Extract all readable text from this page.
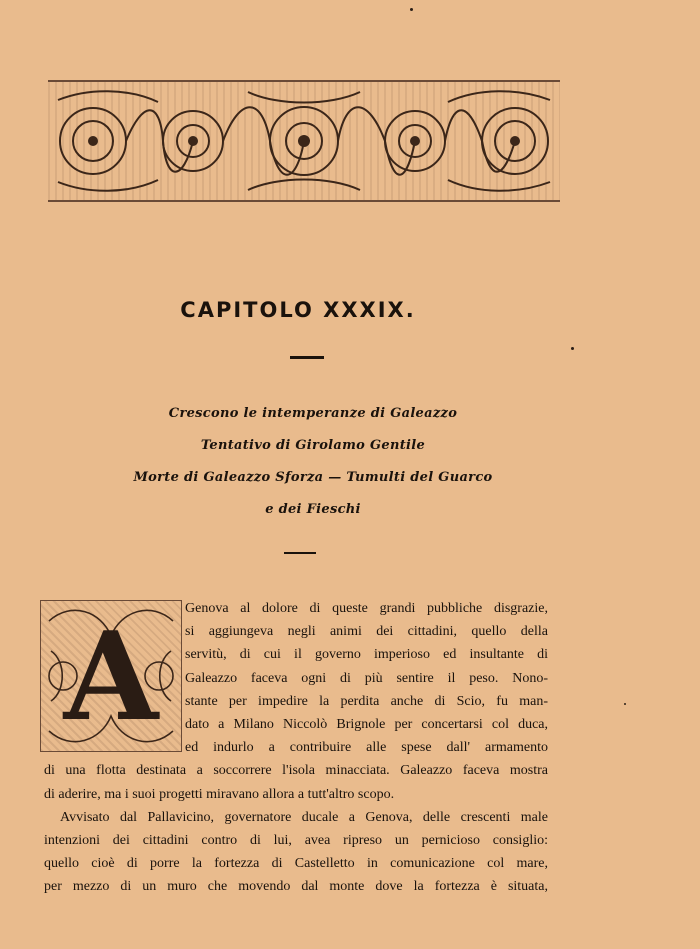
CAPITOLO XXXIX.
Crescono le intemperanze di Galeazzo
Tentativo di Girolamo Gentile
Morte di Galeazzo Sforza — Tumulti del Guarco
e dei Fieschi
A	Genova al dolore di queste grandi pubbliche disgrazie,
si aggiungeva negli animi dei cittadini, quello della
servitù, di cui il governo imperioso ed insultante di
Galeazzo faceva ogni di più sentire il peso. Nono-
stante per impedire la perdita anche di Scio, fu man-
dato a Milano Niccolò Brignole per concertarsi col duca,
ed indurlo a contribuire alle spese dall' armamento
di una flotta destinata a soccorrere l'isola minacciata. Galeazzo faceva mostra
di aderire, ma i suoi progetti miravano allora a tutt'altro scopo.
Avvisato dal Pallavicino, governatore ducale a Genova, delle crescenti male
intenzioni dei cittadini contro di lui, avea ripreso un pernicioso consiglio:
quello cioè di porre la fortezza di Castelletto in comunicazione col mare,
per mezzo di un muro che movendo dal monte dove la fortezza è situata,
